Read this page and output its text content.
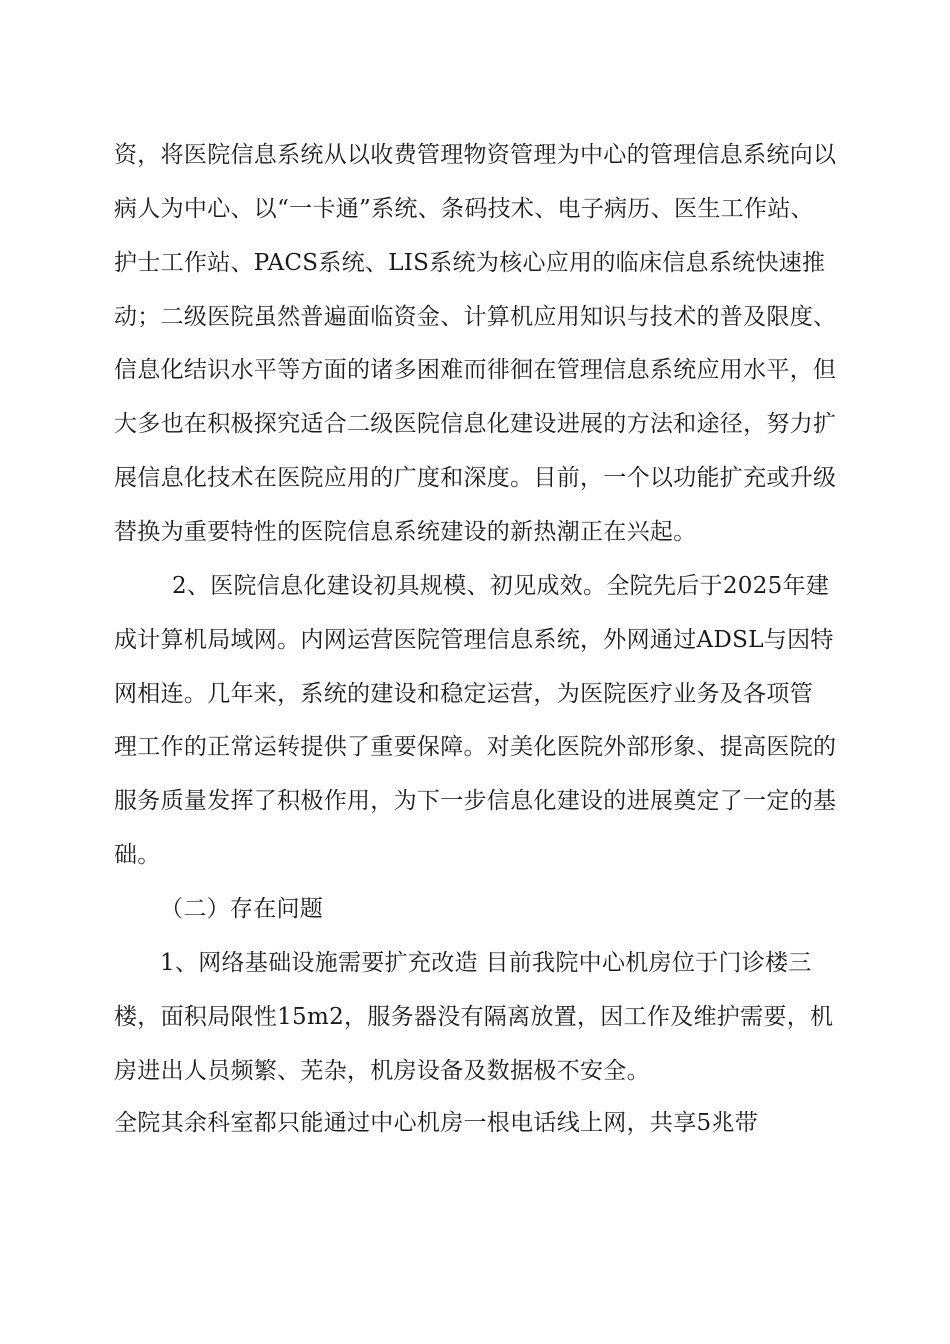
资，将医院信息系统从以收费管理物资管理为中心的管理信息系统向以
病人为中心、以“一卡通”系统、条码技术、电子病历、医生工作站、
护士工作站、PACS系统、LIS系统为核心应用的临床信息系统快速推
动；二级医院虽然普遍面临资金、计算机应用知识与技术的普及限度、
信息化结识水平等方面的诸多困难而徘徊在管理信息系统应用水平，但
大多也在积极探究适合二级医院信息化建设进展的方法和途径，努力扩
展信息化技术在医院应用的广度和深度。目前，一个以功能扩充或升级
替换为重要特性的医院信息系统建设的新热潮正在兴起。
2、医院信息化建设初具规模、初见成效。全院先后于2025年建
成计算机局域网。内网运营医院管理信息系统，外网通过ADSL与因特
网相连。几年来，系统的建设和稳定运营，为医院医疗业务及各项管
理工作的正常运转提供了重要保障。对美化医院外部形象、提高医院的
服务质量发挥了积极作用，为下一步信息化建设的进展奠定了一定的基
础。
（二）存在问题
1、网络基础设施需要扩充改造 目前我院中心机房位于门诊楼三
楼，面积局限性15m2，服务器没有隔离放置，因工作及维护需要，机
房进出人员频繁、芜杂，机房设备及数据极不安全。
全院其余科室都只能通过中心机房一根电话线上网，共享5兆带
